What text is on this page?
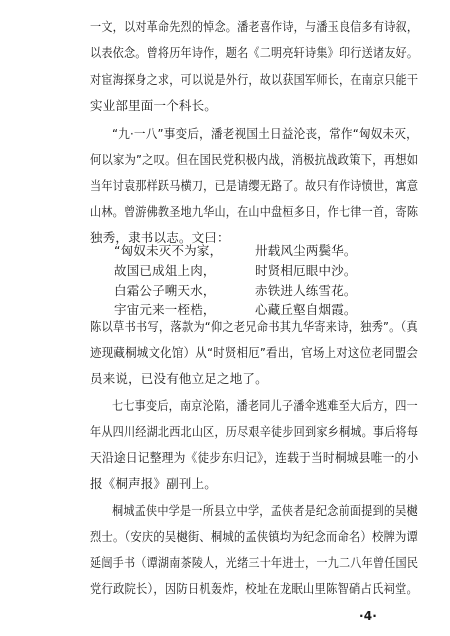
一文，以对革命先烈的悼念。潘老喜作诗，与潘玉良信多有诗叙，
以表依念。曾将历年诗作，题名《二明亮轩诗集》印行送诸友好。
对宦海探身之求，可以说是外行，故以获国军师长，在南京只能干
实业部里面一个科长。
“九·一八”事变后，潘老视国土日益沦丧，常作“匈奴未灭，
何以家为”之叹。但在国民党积极内战，消极抗战政策下，再想如
当年讨袁那样跃马横刀，已是请缨无路了。故只有作诗愤世，寓意
山林。曾游佛教圣地九华山，在山中盘桓多日，作七律一首，寄陈
独秀，隶书以志。文曰：
“匈奴未灭不为家，	卅载风尘两鬓华。
故国已成俎上肉，	时贤相厄眼中沙。
白霜公子嗍天水，	赤铁进人练雪花。
宇宙元来一桎梏，	心藏丘壑自烟霞。
陈以草书书写，落款为“仰之老兄命书其九华寄来诗，独秀”。（真
迹现藏桐城文化馆）从“时贤相厄”看出，官场上对这位老同盟会
员来说，已没有他立足之地了。
七七事变后，南京沦陷，潘老同儿子潘伞逃难至大后方，四一
年从四川经湖北西北山区，历尽艰辛徒步回到家乡桐城。事后将每
天沿途日记整理为《徒步东归记》，连载于当时桐城县唯一的小
报《桐声报》副刊上。
桐城孟侠中学是一所县立中学，孟侠者是纪念前面提到的吴樾
烈士。（安庆的吴樾街、桐城的孟侠镇均为纪念而命名）校牌为谭
延闿手书（谭湖南茶陵人，光绪三十年进士，一九二八年曾任国民
党行政院长），因防日机轰炸，校址在龙眠山里陈智硝占氏祠堂。
·4·
